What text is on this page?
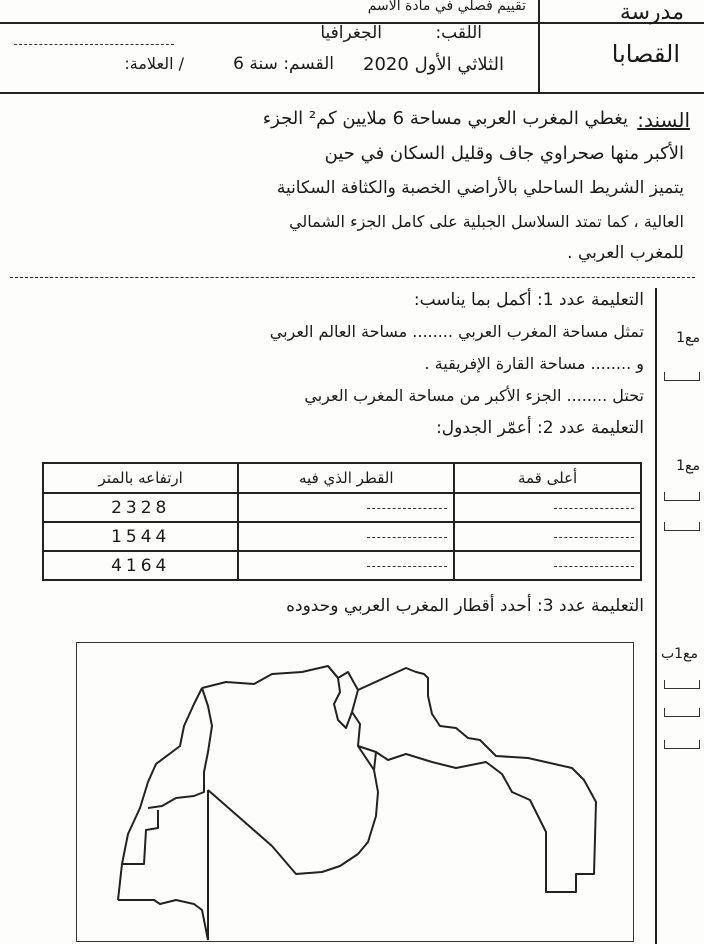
مدرسة
القصابا
تقييم فصلي في مادة الاسم
اللقب:
الجغرافيا
الثلاثي الأول 2020
القسم: سنة 6
/ العلامة:
السند:
يغطي المغرب العربي مساحة 6 ملايين كم² الجزء
الأكبر منها صحراوي جاف وقليل السكان في حين
يتميز الشريط الساحلي بالأراضي الخصبة والكثافة السكانية
العالية ، كما تمتد السلاسل الجبلية على كامل الجزء الشمالي
للمغرب العربي .
التعليمة عدد 1: أكمل بما يناسب:
تمثل مساحة المغرب العربي ........ مساحة العالم العربي
و ........ مساحة القارة الإفريقية .
تحتل ........ الجزء الأكبر من مساحة المغرب العربي
مع1
التعليمة عدد 2: أعمّر الجدول:
مع1
أعلى قمة	القطر الذي فيه	ارتفاعه بالمتر

		2328

		1544

		4164
التعليمة عدد 3: أحدد أقطار المغرب العربي وحدوده
مع1ب
